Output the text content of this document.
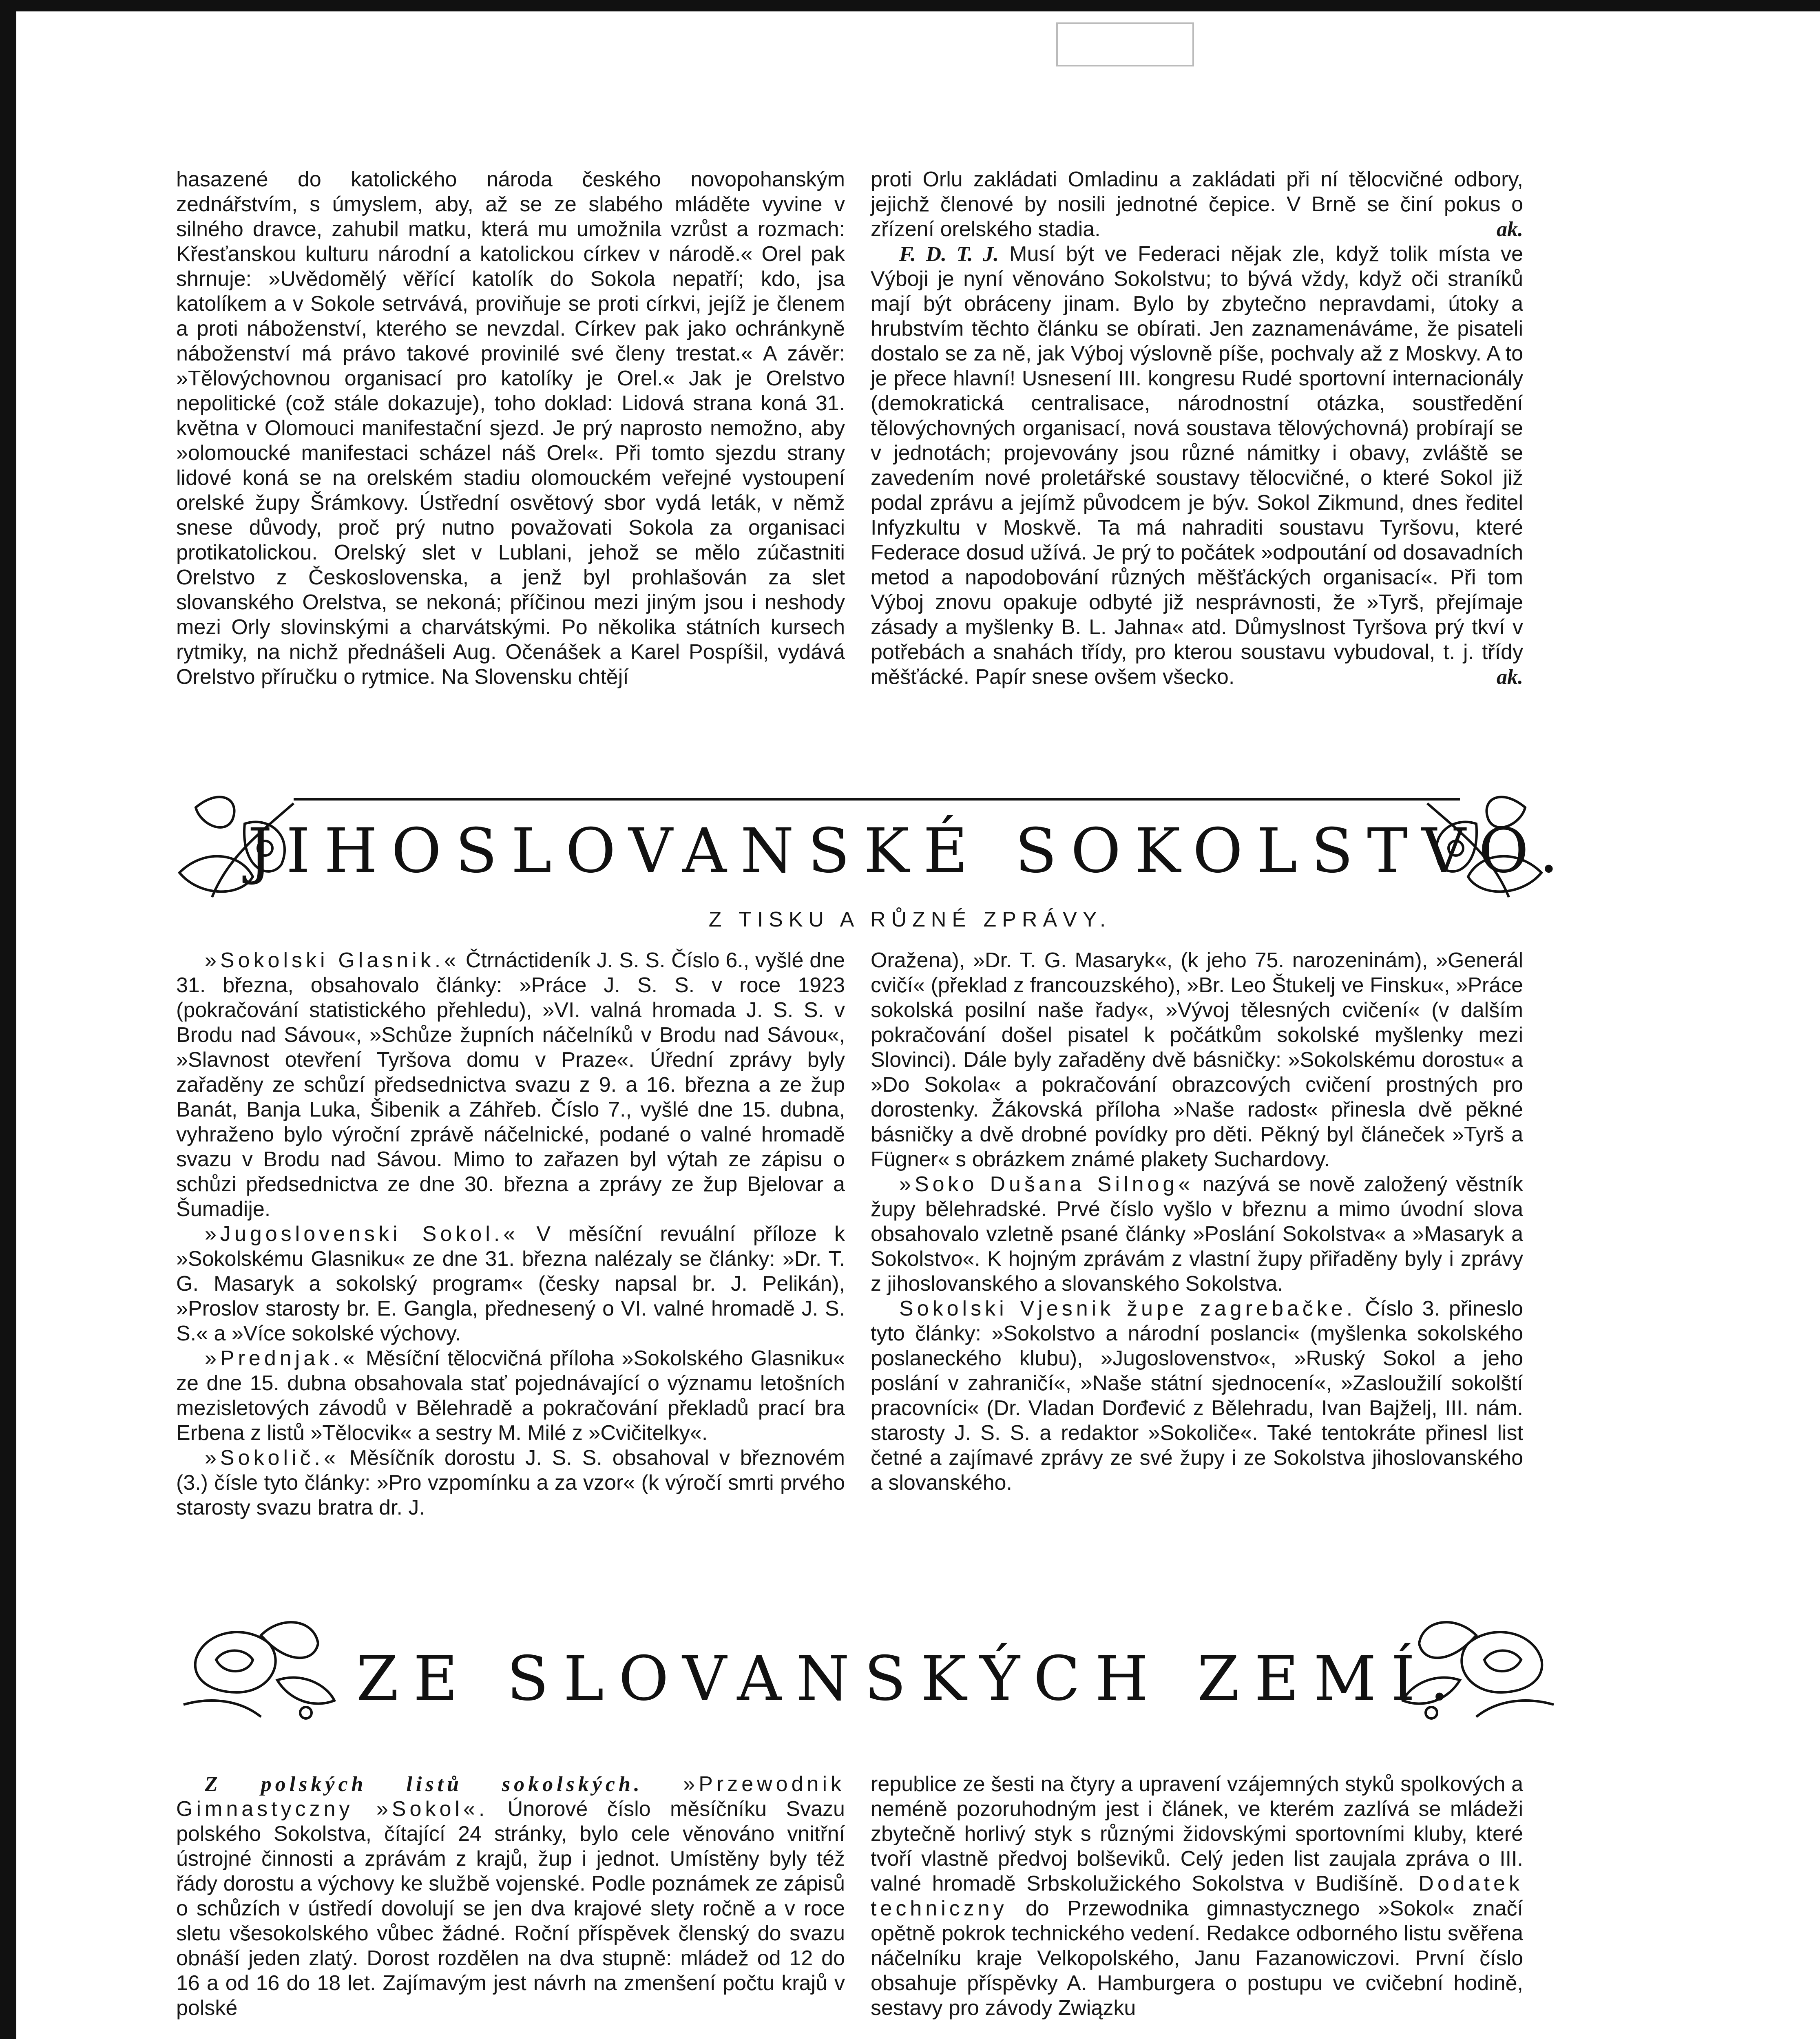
hasazené do katolického národa českého novopohanským zednářstvím, s úmyslem, aby, až se ze slabého mláděte vyvine v silného dravce, zahubil matku, která mu umožnila vzrůst a rozmach: Křesťanskou kulturu národní a katolickou církev v národě.« Orel pak shrnuje: »Uvědomělý věřící katolík do Sokola nepatří; kdo, jsa katolíkem a v Sokole setrvává, proviňuje se proti církvi, jejíž je členem a proti náboženství, kterého se nevzdal. Církev pak jako ochránkyně náboženství má právo takové provinilé své členy trestat.« A závěr: »Tělovýchovnou organisací pro katolíky je Orel.« Jak je Orelstvo nepolitické (což stále dokazuje), toho doklad: Lidová strana koná 31. května v Olomouci manifestační sjezd. Je prý naprosto nemožno, aby »olomoucké manifestaci scházel náš Orel«. Při tomto sjezdu strany lidové koná se na orelském stadiu olomouckém veřejné vystoupení orelské župy Šrámkovy. Ústřední osvětový sbor vydá leták, v němž snese důvody, proč prý nutno považovati Sokola za organisaci protikatolickou. Orelský slet v Lublani, jehož se mělo zúčastniti Orelstvo z Československa, a jenž byl prohlašován za slet slovanského Orelstva, se nekoná; příčinou mezi jiným jsou i neshody mezi Orly slovinskými a charvátskými. Po několika státních kursech rytmiky, na nichž přednášeli Aug. Očenášek a Karel Pospíšil, vydává Orelstvo příručku o rytmice. Na Slovensku chtějí

proti Orlu zakládati Omladinu a zakládati při ní tělocvičné odbory, jejichž členové by nosili jednotné čepice. V Brně se činí pokus o zřízení orelského stadia.	ak.

F. D. T. J. Musí být ve Federaci nějak zle, když tolik místa ve Výboji je nyní věnováno Sokolstvu; to bývá vždy, když oči straníků mají být obráceny jinam. Bylo by zbytečno nepravdami, útoky a hrubstvím těchto článku se obírati. Jen zaznamenáváme, že pisateli dostalo se za ně, jak Výboj výslovně píše, pochvaly až z Moskvy. A to je přece hlavní! Usnesení III. kongresu Rudé sportovní internacionály (demokratická centralisace, národnostní otázka, soustředění tělovýchovných organisací, nová soustava tělovýchovná) probírají se v jednotách; projevovány jsou různé námitky i obavy, zvláště se zavedením nové proletářské soustavy tělocvičné, o které Sokol již podal zprávu a jejímž původcem je býv. Sokol Zikmund, dnes ředitel Infyzkultu v Moskvě. Ta má nahraditi soustavu Tyršovu, které Federace dosud užívá. Je prý to počátek »odpoutání od dosavadních metod a napodobování různých měšťáckých organisací«. Při tom Výboj znovu opakuje odbyté již nesprávnosti, že »Tyrš, přejímaje zásady a myšlenky B. L. Jahna« atd. Důmyslnost Tyršova prý tkví v potřebách a snahách třídy, pro kterou soustavu vybudoval, t. j. třídy měšťácké. Papír snese ovšem všecko.	ak.

JIHOSLOVANSKÉ SOKOLSTVO.
Z TISKU A RŮZNÉ ZPRÁVY.

»Sokolski Glasnik.« Čtrnáctideník J. S. S. Číslo 6., vyšlé dne 31. března, obsahovalo články: »Práce J. S. S. v roce 1923 (pokračování statistického přehledu), »VI. valná hromada J. S. S. v Brodu nad Sávou«, »Schůze župních náčelníků v Brodu nad Sávou«, »Slavnost otevření Tyršova domu v Praze«. Úřední zprávy byly zařaděny ze schůzí předsednictva svazu z 9. a 16. března a ze žup Banát, Banja Luka, Šibenik a Záhřeb. Číslo 7., vyšlé dne 15. dubna, vyhraženo bylo výroční zprávě náčelnické, podané o valné hromadě svazu v Brodu nad Sávou. Mimo to zařazen byl výtah ze zápisu o schůzi předsednictva ze dne 30. března a zprávy ze žup Bjelovar a Šumadije.

»Jugoslovenski Sokol.« V měsíční revuální příloze k »Sokolskému Glasniku« ze dne 31. března nalézaly se články: »Dr. T. G. Masaryk a sokolský program« (česky napsal br. J. Pelikán), »Proslov starosty br. E. Gangla, přednesený o VI. valné hromadě J. S. S.« a »Více sokolské výchovy.

»Prednjak.« Měsíční tělocvičná příloha »Sokolského Glasniku« ze dne 15. dubna obsahovala stať pojednávající o významu letošních mezisletových závodů v Bělehradě a pokračování překladů prací bra Erbena z listů »Tělocvik« a sestry M. Milé z »Cvičitelky«.

»Sokolič.« Měsíčník dorostu J. S. S. obsahoval v březnovém (3.) čísle tyto články: »Pro vzpomínku a za vzor« (k výročí smrti prvého starosty svazu bratra dr. J.

Oražena), »Dr. T. G. Masaryk«, (k jeho 75. narozeninám), »Generál cvičí« (překlad z francouzského), »Br. Leo Štukelj ve Finsku«, »Práce sokolská posilní naše řady«, »Vývoj tělesných cvičení« (v dalším pokračování došel pisatel k počátkům sokolské myšlenky mezi Slovinci). Dále byly zařaděny dvě básničky: »Sokolskému dorostu« a »Do Sokola« a pokračování obrazcových cvičení prostných pro dorostenky. Žákovská příloha »Naše radost« přinesla dvě pěkné básničky a dvě drobné povídky pro děti. Pěkný byl článeček »Tyrš a Fügner« s obrázkem známé plakety Suchardovy.

»Soko Dušana Silnog« nazývá se nově založený věstník župy bělehradské. Prvé číslo vyšlo v březnu a mimo úvodní slova obsahovalo vzletně psané články »Poslání Sokolstva« a »Masaryk a Sokolstvo«. K hojným zprávám z vlastní župy přiřaděny byly i zprávy z jihoslovanského a slovanského Sokolstva.

Sokolski Vjesnik župe zagrebačke. Číslo 3. přineslo tyto články: »Sokolstvo a národní poslanci« (myšlenka sokolského poslaneckého klubu), »Jugoslovenstvo«, »Ruský Sokol a jeho poslání v zahraničí«, »Naše státní sjednocení«, »Zasloužilí sokolští pracovníci« (Dr. Vladan Dorđević z Bělehradu, Ivan Bajželj, III. nám. starosty J. S. S. a redaktor »Sokoliče«. Také tentokráte přinesl list četné a zajímavé zprávy ze své župy i ze Sokolstva jihoslovanského a slovanského.

ZE SLOVANSKÝCH ZEMÍ.

Z polských listů sokolských. »Przewodnik Gimnastyczny »Sokol«. Únorové číslo měsíčníku Svazu polského Sokolstva, čítající 24 stránky, bylo cele věnováno vnitřní ústrojné činnosti a zprávám z krajů, žup i jednot. Umístěny byly též řády dorostu a výchovy ke službě vojenské. Podle poznámek ze zápisů o schůzích v ústředí dovolují se jen dva krajové slety ročně a v roce sletu všesokolského vůbec žádné. Roční příspěvek členský do svazu obnáší jeden zlatý. Dorost rozdělen na dva stupně: mládež od 12 do 16 a od 16 do 18 let. Zajímavým jest návrh na zmenšení počtu krajů v polské

republice ze šesti na čtyry a upravení vzájemných styků spolkových a neméně pozoruhodným jest i článek, ve kterém zazlívá se mládeži zbytečně horlivý styk s různými židovskými sportovními kluby, které tvoří vlastně předvoj bolševiků. Celý jeden list zaujala zpráva o III. valné hromadě Srbskolužického Sokolstva v Budišíně. Dodatek techniczny do Przewodnika gimnastycznego »Sokol« značí opětně pokrok technického vedení. Redakce odborného listu svěřena náčelníku kraje Velkopolského, Janu Fazanowiczovi. První číslo obsahuje příspěvky A. Hamburgera o postupu ve cvičební hodině, sestavy pro závody Związku
